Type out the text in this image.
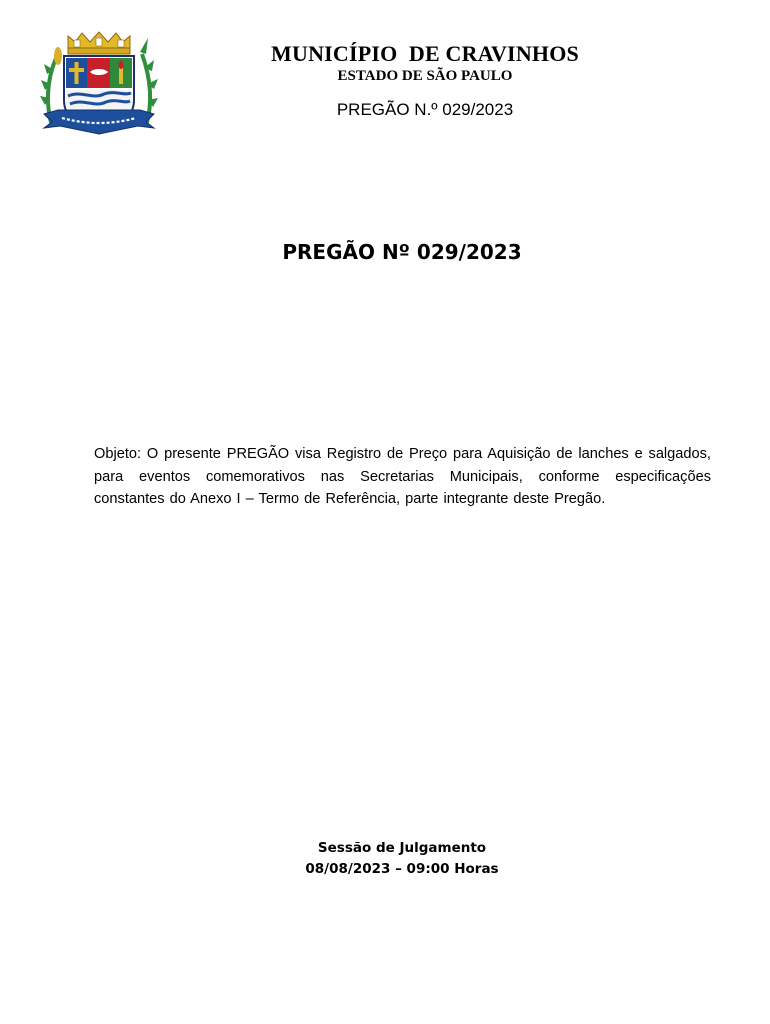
MUNICÍPIO  DE CRAVINHOS
ESTADO DE SÃO PAULO
PREGÃO N.º 029/2023
PREGÃO Nº 029/2023

Objeto: O presente PREGÃO visa Registro de Preço para Aquisição de lanches e salgados, para eventos comemorativos nas Secretarias Municipais, conforme especificações constantes do Anexo I – Termo de Referência, parte integrante deste Pregão.

Sessão de Julgamento
08/08/2023 – 09:00 Horas
